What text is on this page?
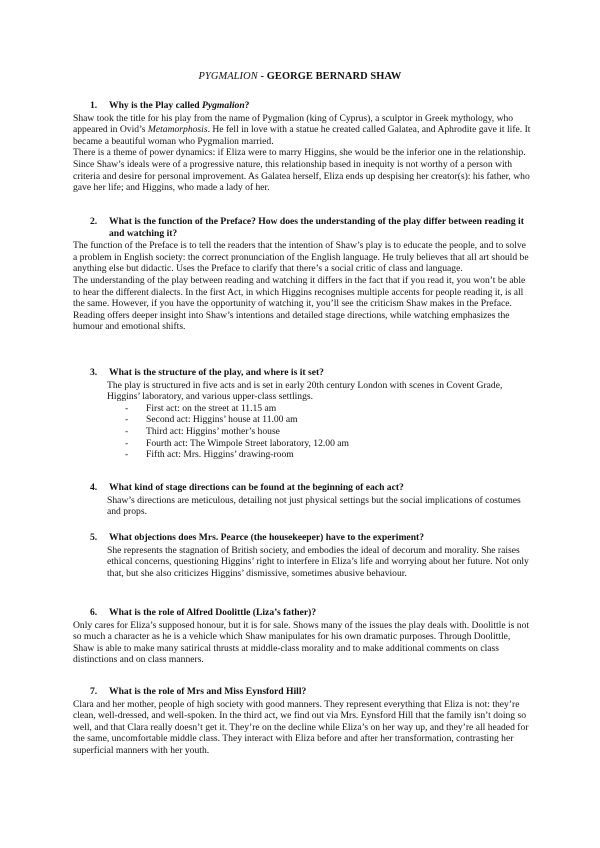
PYGMALION - GEORGE BERNARD SHAW
1. Why is the Play called Pygmalion?
Shaw took the title for his play from the name of Pygmalion (king of Cyprus), a sculptor in Greek mythology, who appeared in Ovid’s Metamorphosis. He fell in love with a statue he created called Galatea, and Aphrodite gave it life. It became a beautiful woman who Pygmalion married.
There is a theme of power dynamics: if Eliza were to marry Higgins, she would be the inferior one in the relationship. Since Shaw’s ideals were of a progressive nature, this relationship based in inequity is not worthy of a person with criteria and desire for personal improvement. As Galatea herself, Eliza ends up despising her creator(s): his father, who gave her life; and Higgins, who made a lady of her.
2. What is the function of the Preface? How does the understanding of the play differ between reading it and watching it?
The function of the Preface is to tell the readers that the intention of Shaw’s play is to educate the people, and to solve a problem in English society: the correct pronunciation of the English language. He truly believes that all art should be anything else but didactic. Uses the Preface to clarify that there’s a social critic of class and language.
The understanding of the play between reading and watching it differs in the fact that if you read it, you won’t be able to hear the different dialects. In the first Act, in which Higgins recognises multiple accents for people reading it, is all the same. However, if you have the opportunity of watching it, you’ll see the criticism Shaw makes in the Preface. Reading offers deeper insight into Shaw’s intentions and detailed stage directions, while watching emphasizes the humour and emotional shifts.
3. What is the structure of the play, and where is it set?
The play is structured in five acts and is set in early 20th century London with scenes in Covent Grade, Higgins’ laboratory, and various upper-class settlings.
- First act: on the street at 11.15 am
- Second act: Higgins’ house at 11.00 am
- Third act: Higgins’ mother’s house
- Fourth act: The Wimpole Street laboratory, 12.00 am
- Fifth act: Mrs. Higgins’ drawing-room
4. What kind of stage directions can be found at the beginning of each act?
Shaw’s directions are meticulous, detailing not just physical settings but the social implications of costumes and props.
5. What objections does Mrs. Pearce (the housekeeper) have to the experiment?
She represents the stagnation of British society, and embodies the ideal of decorum and morality. She raises ethical concerns, questioning Higgins’ right to interfere in Eliza’s life and worrying about her future. Not only that, but she also criticizes Higgins’ dismissive, sometimes abusive behaviour.
6. What is the role of Alfred Doolittle (Liza’s father)?
Only cares for Eliza’s supposed honour, but it is for sale. Shows many of the issues the play deals with. Doolittle is not so much a character as he is a vehicle which Shaw manipulates for his own dramatic purposes. Through Doolittle, Shaw is able to make many satirical thrusts at middle-class morality and to make additional comments on class distinctions and on class manners.
7. What is the role of Mrs and Miss Eynsford Hill?
Clara and her mother, people of high society with good manners. They represent everything that Eliza is not: they’re clean, well-dressed, and well-spoken. In the third act, we find out via Mrs. Eynsford Hill that the family isn’t doing so well, and that Clara really doesn’t get it. They’re on the decline while Eliza’s on her way up, and they’re all headed for the same, uncomfortable middle class. They interact with Eliza before and after her transformation, contrasting her superficial manners with her youth.
